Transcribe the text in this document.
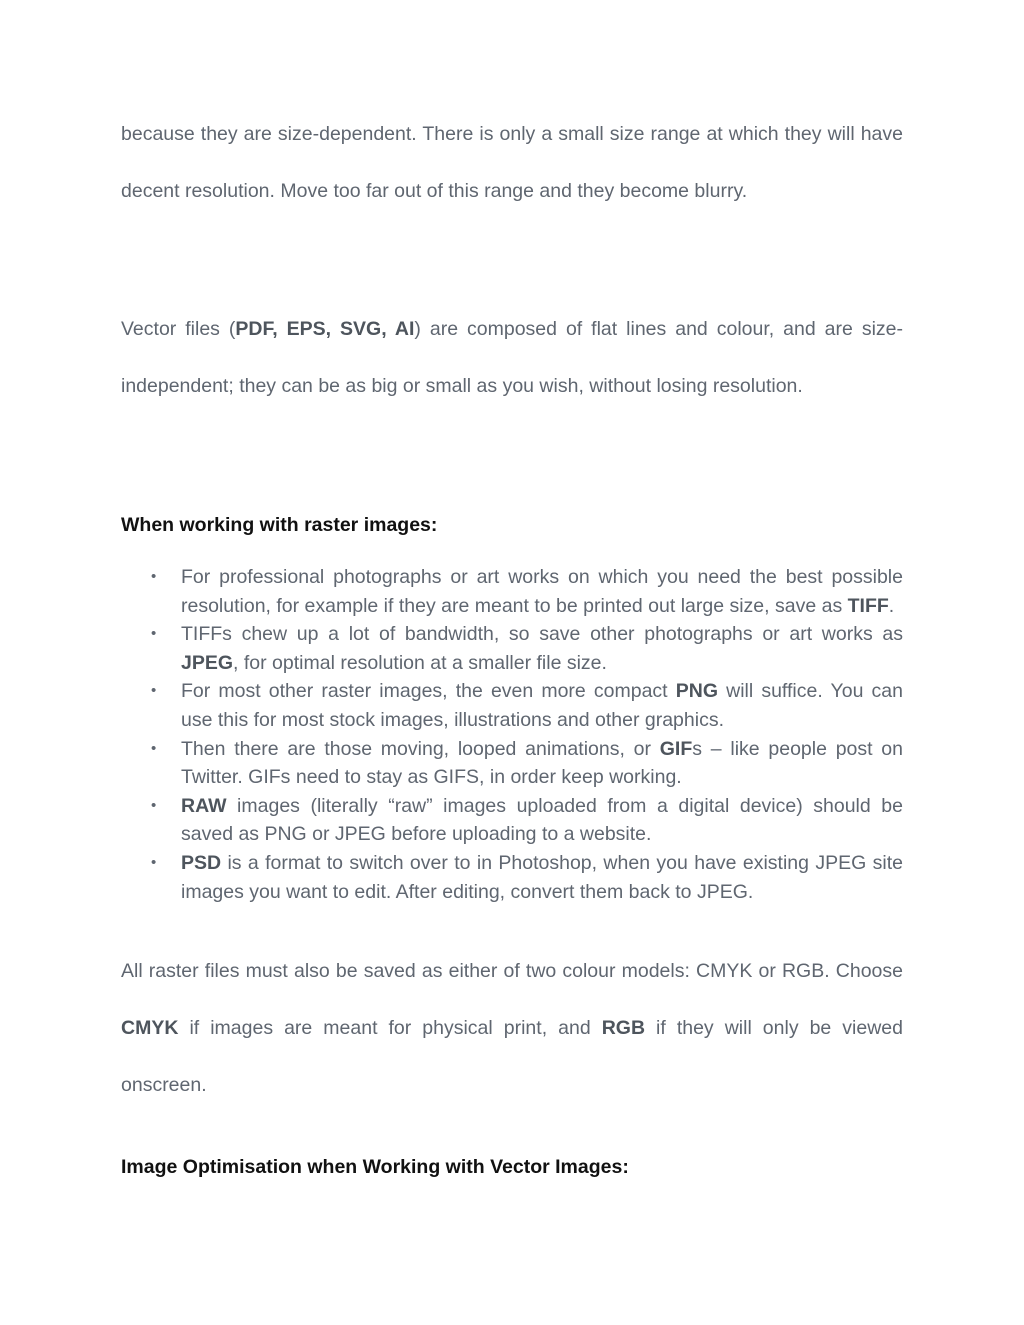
because they are size-dependent. There is only a small size range at which they will have decent resolution. Move too far out of this range and they become blurry.

Vector files (PDF, EPS, SVG, AI) are composed of flat lines and colour, and are size-independent; they can be as big or small as you wish, without losing resolution.

When working with raster images:
• For professional photographs or art works on which you need the best possible resolution, for example if they are meant to be printed out large size, save as TIFF.
• TIFFs chew up a lot of bandwidth, so save other photographs or art works as JPEG, for optimal resolution at a smaller file size.
• For most other raster images, the even more compact PNG will suffice. You can use this for most stock images, illustrations and other graphics.
• Then there are those moving, looped animations, or GIFs – like people post on Twitter. GIFs need to stay as GIFS, in order keep working.
• RAW images (literally “raw” images uploaded from a digital device) should be saved as PNG or JPEG before uploading to a website.
• PSD is a format to switch over to in Photoshop, when you have existing JPEG site images you want to edit. After editing, convert them back to JPEG.

All raster files must also be saved as either of two colour models: CMYK or RGB. Choose CMYK if images are meant for physical print, and RGB if they will only be viewed onscreen.

Image Optimisation when Working with Vector Images:
